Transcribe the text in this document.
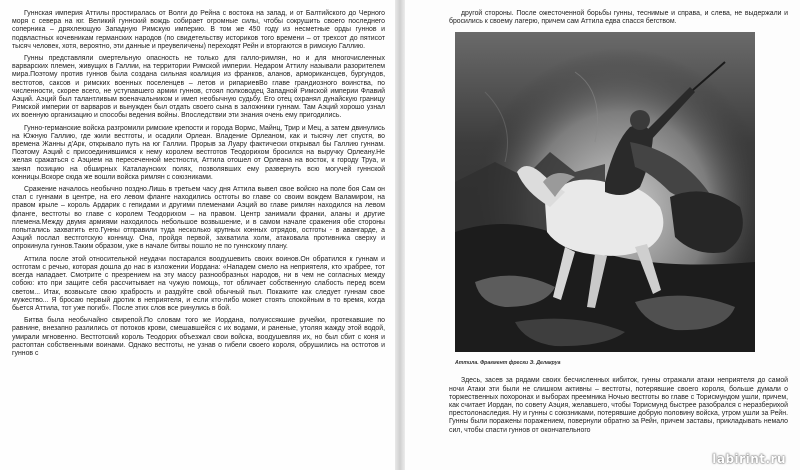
Гуннская империя Аттилы простиралась от Волги до Рейна с востока на запад, и от Балтийского до Черного моря с севера на юг. Великий гуннский вождь собирает огромные силы, чтобы сокрушить своего последнего соперника – дряхлеющую Западную Римскую империю. В том же 450 году из несметные орды гуннов и подвластных кочевникам германских народов (по свидетельству историков того времени – от трехсот до пятисот тысяч человек, хотя, вероятно, эти данные и преувеличены) переходят Рейн и вторгаются в римскую Галлию.

Гунны представляли смертельную опасность не только для галло-римлян, но и для многочисленных варварских племен, живущих в Галлии, на территории Римской империи. Недаром Аттилу называли разорителем мира.Поэтому против гуннов была создана сильная коалиция из франков, аланов, арморикансцев, бургундов, вестготов, саксов и римских военных поселенцев – летов и рипариевВо главе грандиозного воинства, по численности, скорее всего, не уступавшего армии гуннов, стоял полководец Западной Римской империи Флавий Аэций. Аэций был талантливым военачальником и имел необычную судьбу. Его отец охранял дунайскую границу Римской империи от варваров и вынужден был отдать своего сына в заложники гуннам. Там Аэций хорошо узнал их военную организацию и способы ведения войны. Впоследствии эти знания очень ему пригодились.

Гунно-германские войска разгромили римские крепости и города Вормс, Майнц, Трир и Мец, а затем двинулись на Южную Галлию, где жили вестготы, и осадили Орлеан. Владение Орлеаном, как и тысячу лет спустя, во времена Жанны д'Арк, открывало путь на юг Галлии. Прорыв за Луару фактически открывал бы Галлию гуннам. Поэтому Аэций с присоединившимся к нему королем вестготов Теодорихом бросился на выручку Орлеану.Не желая сражаться с Аэцием на пересеченной местности, Аттила отошел от Орлеана на восток, к городу Труа, и занял позицию на обширных Каталаунских полях, позволявших ему развернуть всю могучей гуннской конницы.Вскоре сюда же вошли войска римлян с союзниками.

Сражение началось необычно поздно.Лишь в третьем часу дня Аттила вывел свое войско на поле боя Сам он стал с гуннами в центре, на его левом фланге находились остготы во главе со своим вождем Валамиром, на правом крыле – король Ардарик с гепидами и другими племенами Аэций во главе римлян находился на левом фланге, вестготы во главе с королем Теодорихом – на правом. Центр занимали франки, аланы и другие племена.Между двумя армиями находилось небольшое возвышение, и в самом начале сражения обе стороны попытались захватить его.Гунны отправили туда несколько крупных конных отрядов, остготы - в авангарде, а Аэций послал вестготскую конницу. Она, пройдя первой, захватила холм, атаковала противника сверху и опрокинула гуннов.Таким образом, уже в начале битвы пошло не по гуннскому плану.

Аттила после этой относительной неудачи постарался воодушевить своих воинов.Он обратился к гуннам и остготам с речью, которая дошла до нас в изложении Иордана: «Нападем смело на неприятеля, кто храбрее, тот всегда нападает. Смотрите с презрением на эту массу разнообразных народов, ни в чем не согласных между собою: кто при защите себя рассчитывает на чужую помощь, тот обличает собственную слабость перед всем светом... Итак, возвысьте свою храбрость и раздуйте свой обычный пыл. Покажите как следует гуннам свое мужество... Я бросаю первый дротик в неприятеля, и если кто-либо может стоять спокойным в то время, когда бьется Аттила, тот уже погиб». После этих слов все ринулись в бой.

Битва была необычайно свирепой.По словам того же Иордана, полуиссякшие ручейки, протекавшие по равнине, внезапно разлились от потоков крови, смешавшейся с их водами, и раненые, утоляя жажду этой водой, умирали мгновенно. Вестготский король Теодорих объезжал свои войска, воодушевляя их, но был сбит с коня и растоптан собственными воинами. Однако вестготы, не узнав о гибели своего короля, обрушились на остготов и гуннов с

другой стороны. После ожесточенной борьбы гунны, теснимые и справа, и слева, не выдержали и бросились к своему лагерю, причем сам Аттила едва спасся бегством.

Аттила. Фрагмент фрески Э. Делакруа

Здесь, засев за рядами своих бесчисленных кибиток, гунны отражали атаки неприятеля до самой ночи Атаки эти были не слишком активны – вестготы, потерявшие своего короля, больше думали о торжественных похоронах и выборах преемника Ночью вестготы во главе с Торисмундом ушли, причем, как считает Иордан, по совету Аэция, желавшего, чтобы Торисмунд быстрее разобрался с неразберихой престолонаследия. Ну и гунны с союзниками, потерявшие добрую половину войска, утром ушли за Рейн. Гунны были поражены поражением, повернули обратно за Рейн, причем заставы, прикладывать немало сил, чтобы спасти гуннов от окончательного

labirint.ru
